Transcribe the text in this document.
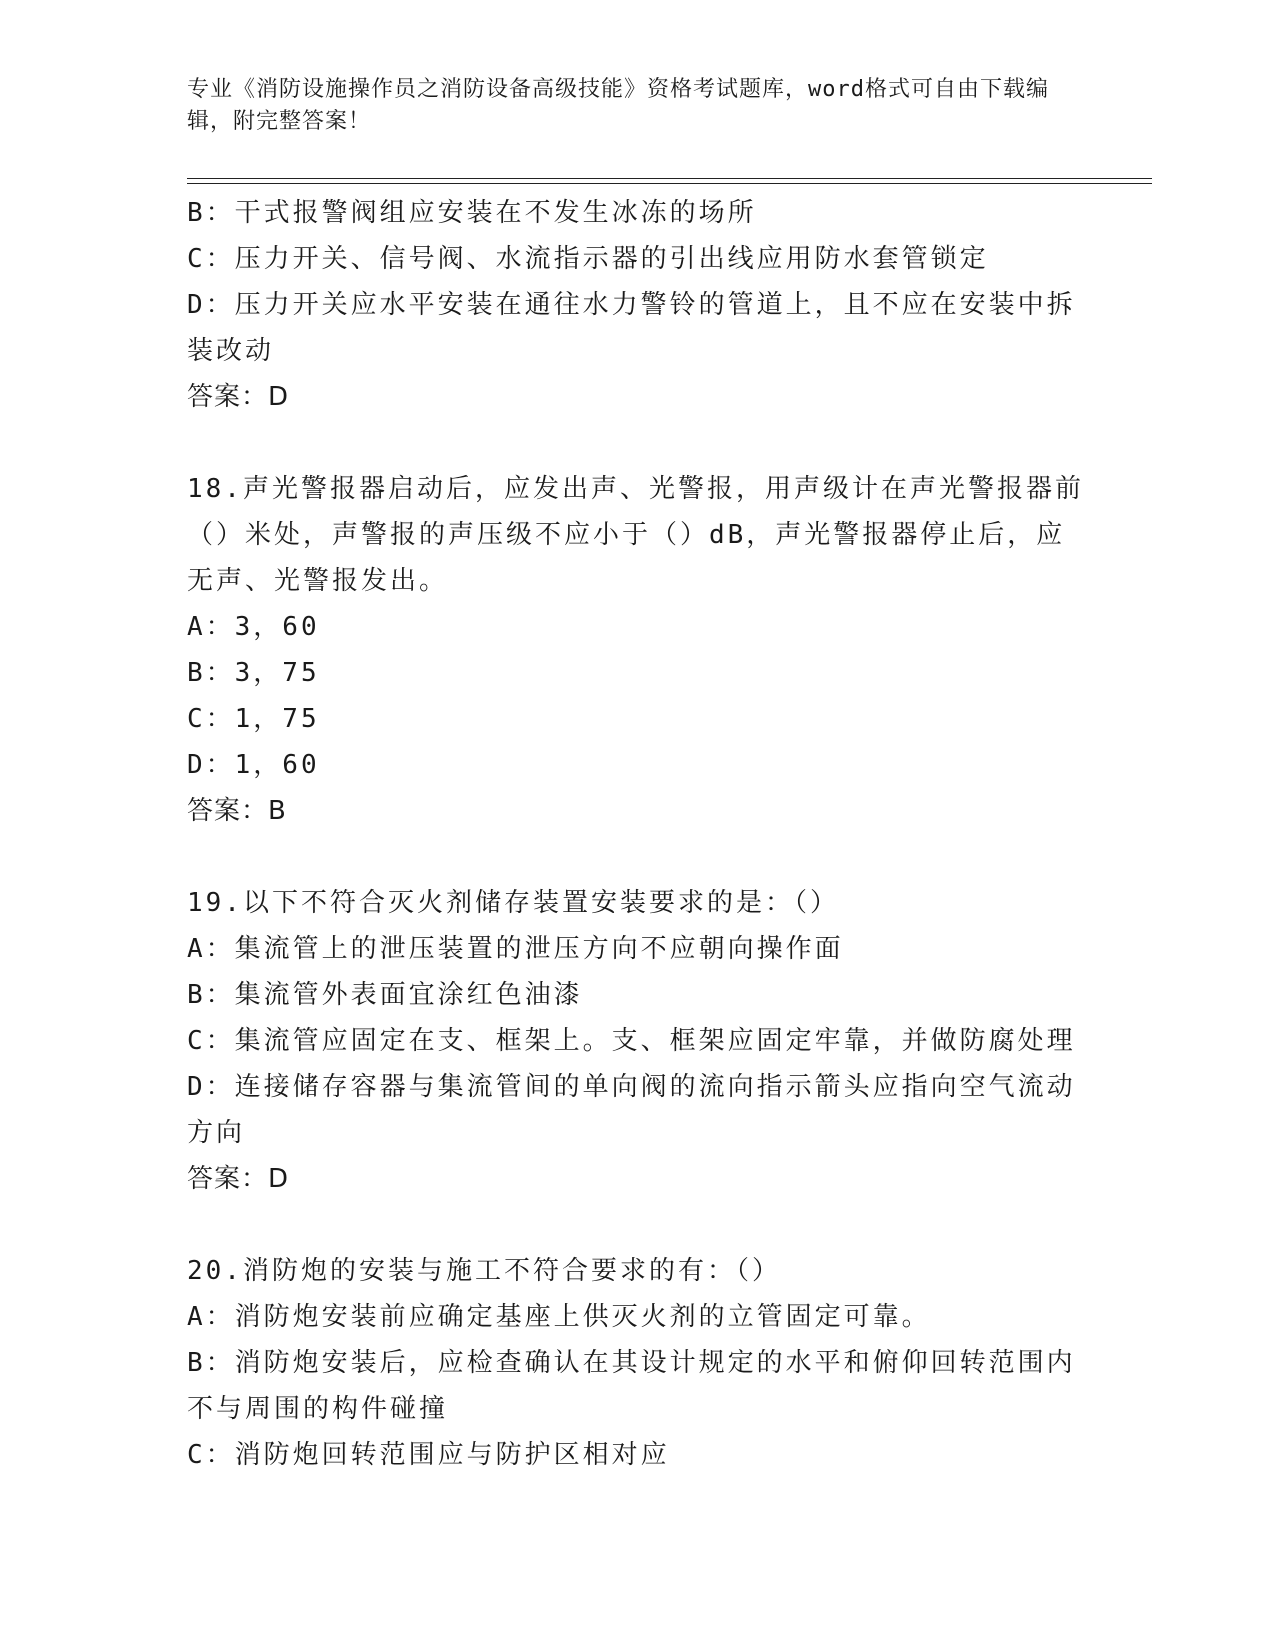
专业《消防设施操作员之消防设备高级技能》资格考试题库，word格式可自由下载编辑，附完整答案！
B：干式报警阀组应安装在不发生冰冻的场所
C：压力开关、信号阀、水流指示器的引出线应用防水套管锁定
D：压力开关应水平安装在通往水力警铃的管道上，且不应在安装中拆
装改动
答案：D
18.声光警报器启动后，应发出声、光警报，用声级计在声光警报器前
（）米处，声警报的声压级不应小于（）dB，声光警报器停止后，应
无声、光警报发出。
A：3，60
B：3，75
C：1，75
D：1，60
答案：B
19.以下不符合灭火剂储存装置安装要求的是：（）
A：集流管上的泄压装置的泄压方向不应朝向操作面
B：集流管外表面宜涂红色油漆
C：集流管应固定在支、框架上。支、框架应固定牢靠，并做防腐处理
D：连接储存容器与集流管间的单向阀的流向指示箭头应指向空气流动
方向
答案：D
20.消防炮的安装与施工不符合要求的有：（）
A：消防炮安装前应确定基座上供灭火剂的立管固定可靠。
B：消防炮安装后，应检查确认在其设计规定的水平和俯仰回转范围内
不与周围的构件碰撞
C：消防炮回转范围应与防护区相对应
